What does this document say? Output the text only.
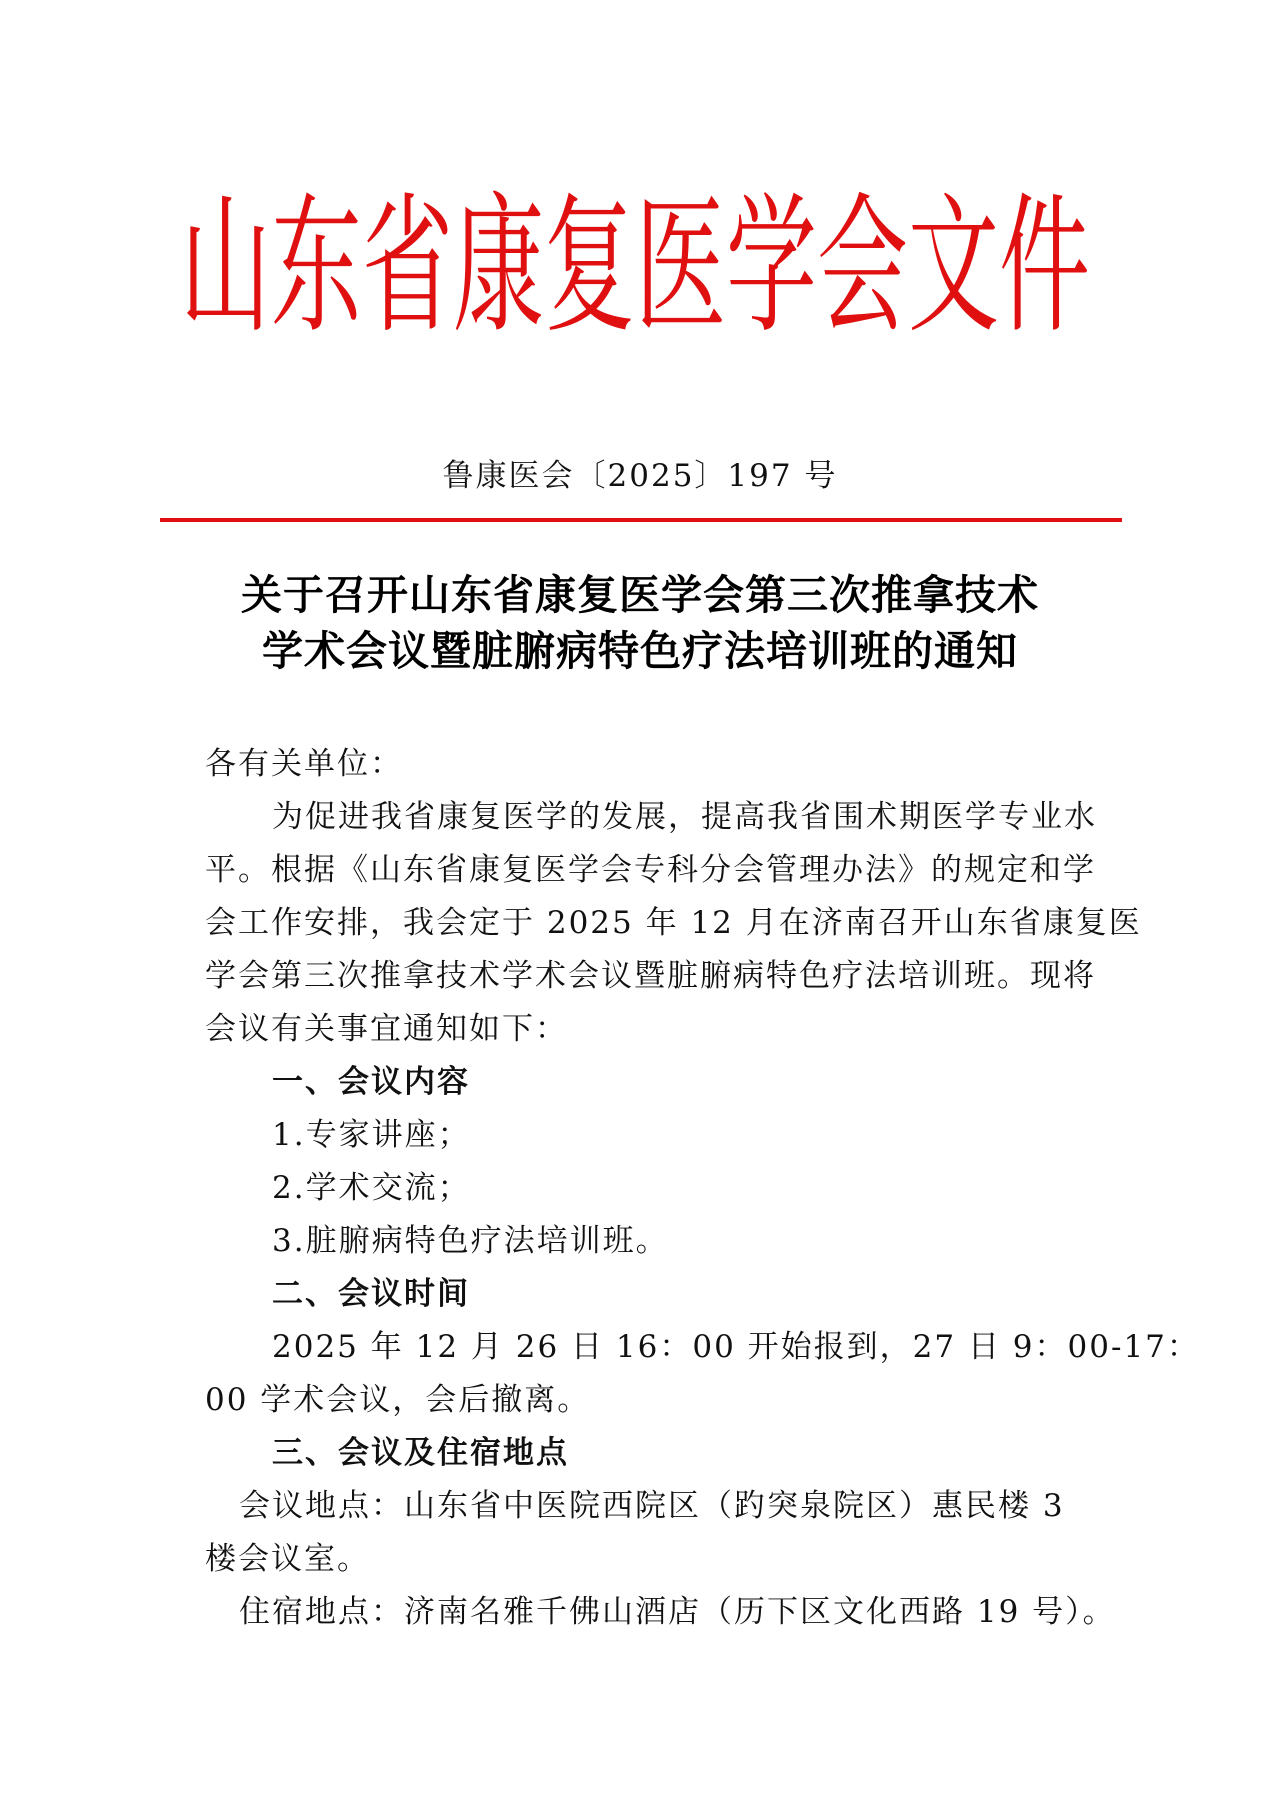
山东省康复医学会文件
鲁康医会〔2025〕197 号
关于召开山东省康复医学会第三次推拿技术
学术会议暨脏腑病特色疗法培训班的通知

各有关单位：

为促进我省康复医学的发展，提高我省围术期医学专业水

平。根据《山东省康复医学会专科分会管理办法》的规定和学

会工作安排，我会定于 2025 年 12 月在济南召开山东省康复医

学会第三次推拿技术学术会议暨脏腑病特色疗法培训班。现将

会议有关事宜通知如下：

一、会议内容

1.专家讲座；

2.学术交流；

3.脏腑病特色疗法培训班。

二、会议时间

2025 年 12 月 26 日 16：00 开始报到，27 日 9：00-17：

00 学术会议，会后撤离。

三、会议及住宿地点

会议地点：山东省中医院西院区（趵突泉院区）惠民楼 3

楼会议室。

住宿地点：济南名雅千佛山酒店（历下区文化西路 19 号）。
